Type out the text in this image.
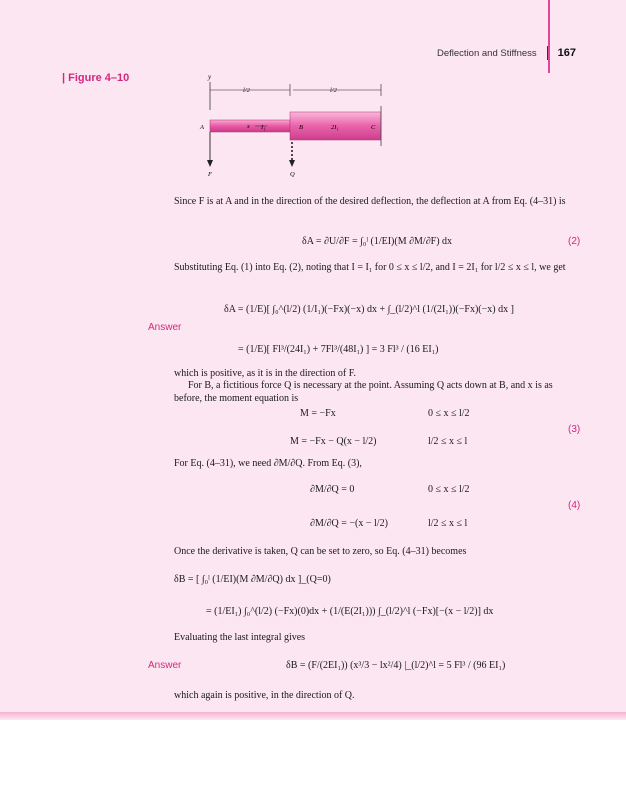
Deflection and Stiffness 167
| Figure 4–10	y
l/2	l/2
A	x I₁	B	2I₁	C
F	Q
Since F is at A and in the direction of the desired deflection, the deflection at A from Eq. (4–31) is
δA = ∂U/∂F = ∫₀ˡ (1/EI)(M ∂M/∂F) dx	(2)
Substituting Eq. (1) into Eq. (2), noting that I = I₁ for 0 ≤ x ≤ l/2, and I = 2I₁ for l/2 ≤ x ≤ l, we get
δA = (1/E)[ ∫₀^(l/2) (1/I₁)(−Fx)(−x) dx + ∫_(l/2)^l (1/(2I₁))(−Fx)(−x) dx ]
Answer
= (1/E)[ Fl³/(24I₁) + 7Fl³/(48I₁) ] = 3 Fl³ / (16 EI₁)
which is positive, as it is in the direction of F.
For B, a fictitious force Q is necessary at the point. Assuming Q acts down at B, and x is as before, the moment equation is
M = −Fx	0 ≤ x ≤ l/2
(3)
M = −Fx − Q(x − l/2)	l/2 ≤ x ≤ l
For Eq. (4–31), we need ∂M/∂Q. From Eq. (3),
∂M/∂Q = 0	0 ≤ x ≤ l/2
(4)
∂M/∂Q = −(x − l/2)	l/2 ≤ x ≤ l
Once the derivative is taken, Q can be set to zero, so Eq. (4–31) becomes
δB = [ ∫₀ˡ (1/EI)(M ∂M/∂Q) dx ]_(Q=0)
= (1/EI₁) ∫₀^(l/2) (−Fx)(0)dx + (1/(E(2I₁))) ∫_(l/2)^l (−Fx)[−(x − l/2)] dx
Evaluating the last integral gives
Answer	δB = (F/(2EI₁)) (x³/3 − lx²/4) |_(l/2)^l = 5 Fl³ / (96 EI₁)
which again is positive, in the direction of Q.
